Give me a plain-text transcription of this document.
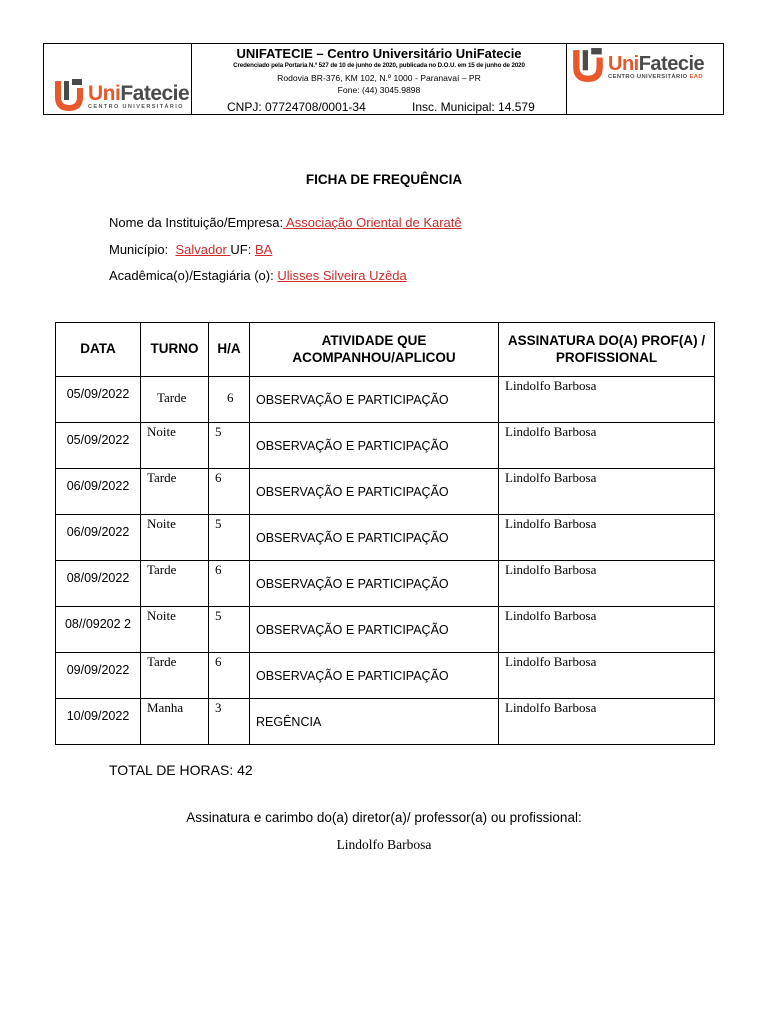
UniFatecie
CENTRO UNIVERSITÁRIO
UNIFATECIE – Centro Universitário UniFatecie
Credenciado pela Portaria N.º 527 de 10 de junho de 2020, publicada no D.O.U. em 15 de junho de 2020
Rodovia BR-376, KM 102, N.º 1000 - Paranavaí – PR
Fone: (44) 3045.9898
CNPJ: 07724708/0001-34	Insc. Municipal: 14.579
UniFatecie
CENTRO UNIVERSITÁRIO EAD
FICHA DE FREQUÊNCIA
Nome da Instituição/Empresa: Associação Oriental de Karatê
Município: Salvador UF: BA
Acadêmica(o)/Estagiária (o): Ulisses Silveira Uzêda
DATA	TURNO	H/A	ATIVIDADE QUE ACOMPANHOU/APLICOU	ASSINATURA DO(A) PROF(A) / PROFISSIONAL

05/09/2022	Tarde	6	OBSERVAÇÃO E PARTICIPAÇÃO	Lindolfo Barbosa

05/09/2022	Noite	5	OBSERVAÇÃO E PARTICIPAÇÃO	Lindolfo Barbosa

06/09/2022	Tarde	6	OBSERVAÇÃO E PARTICIPAÇÃO	Lindolfo Barbosa

06/09/2022	Noite	5	OBSERVAÇÃO E PARTICIPAÇÃO	Lindolfo Barbosa

08/09/2022	Tarde	6	OBSERVAÇÃO E PARTICIPAÇÃO	Lindolfo Barbosa

08//09202 2	Noite	5	OBSERVAÇÃO E PARTICIPAÇÃO	Lindolfo Barbosa

09/09/2022	Tarde	6	OBSERVAÇÃO E PARTICIPAÇÃO	Lindolfo Barbosa

10/09/2022	Manha	3	REGÊNCIA	Lindolfo Barbosa
TOTAL DE HORAS: 42
Assinatura e carimbo do(a) diretor(a)/ professor(a) ou profissional:
Lindolfo Barbosa
